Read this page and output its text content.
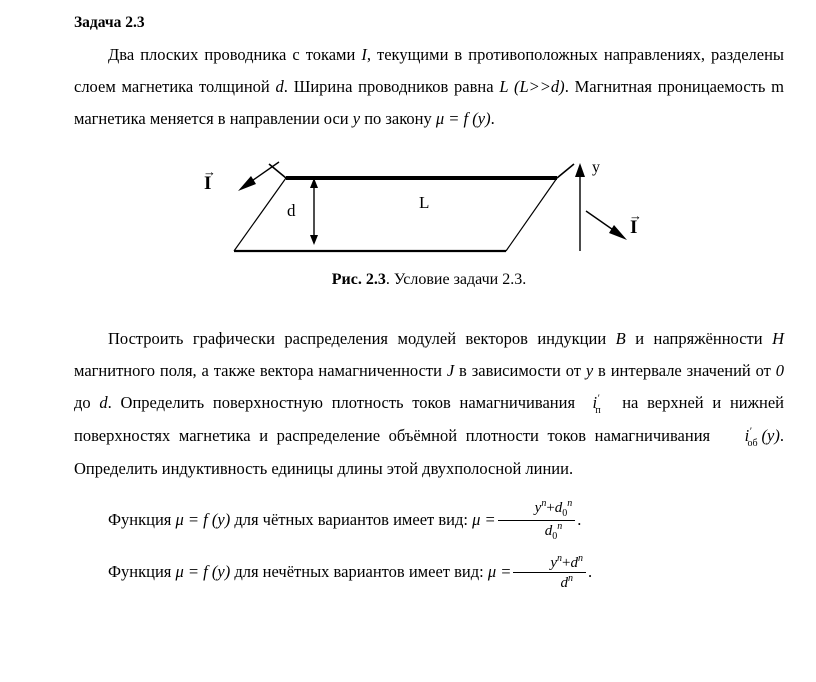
Задача 2.3

Два плоских проводника с токами I, текущими в противоположных направлениях, разделены слоем магнетика толщиной d. Ширина проводников равна L (L>>d). Магнитная проницаемость m магнетика меняется в направлении оси y по закону μ = f (y).

→
I
→
I
L
d
y
Рис. 2.3. Условие задачи 2.3.

Построить графически распределения модулей векторов индукции B и напряжённости H магнитного поля, а также вектора намагниченности J в зависимости от y в интервале значений от 0 до d. Определить поверхностную плотность токов намагничивания  $i'_п$  на верхней и нижней поверхностях магнетика и распределение объёмной плотности токов намагничивания    $i'_{об}$ (y). Определить индуктивность единицы длины этой двухполосной линии.

Функция μ = f (y) для чётных вариантов имеет вид: $\mu = \frac{y^n+d_0^n}{d_0^n}$ .

Функция μ = f (y) для нечётных вариантов имеет вид: $\mu = \frac{y^n+d^n}{d^n}$ .
